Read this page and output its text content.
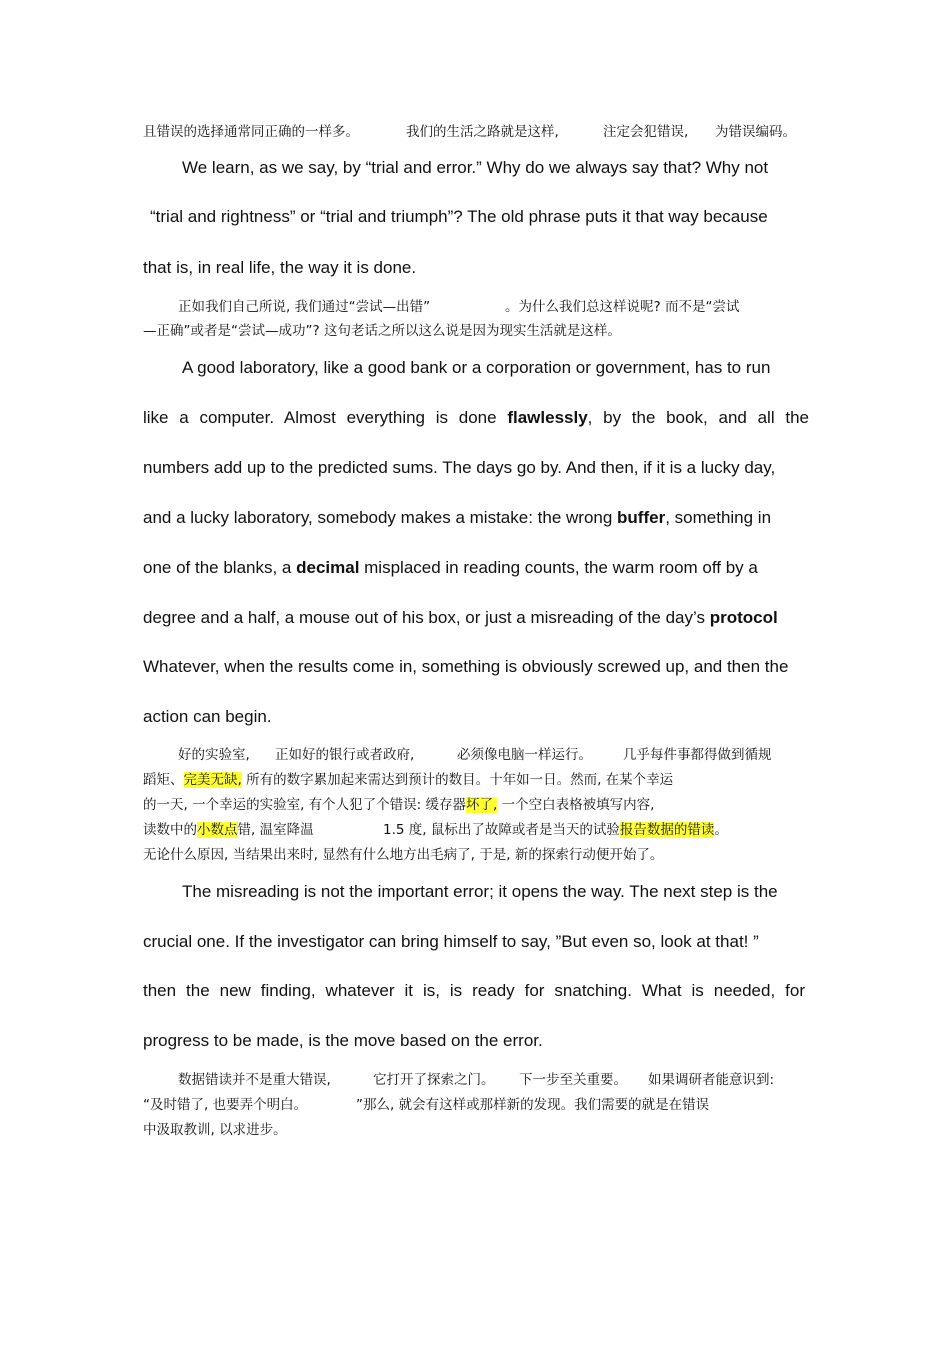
且错误的选择通常同正确的一样多。	我们的生活之路就是这样,	注定会犯错误, 为错误编码。
We learn, as we say, by “trial and error.” Why do we always say that? Why not
“trial and rightness” or “trial and triumph”? The old phrase puts it that way because
that is, in real life, the way it is done.
正如我们自己所说, 我们通过“尝试—出错”	。为什么我们总这样说呢? 而不是“尝试
—正确”或者是“尝试—成功”? 这句老话之所以这么说是因为现实生活就是这样。
A good laboratory, like a good bank or a corporation or government, has to run
like a computer. Almost everything is done flawlessly, by the book, and all the
numbers add up to the predicted sums. The days go by. And then, if it is a lucky day,
and a lucky laboratory, somebody makes a mistake: the wrong buffer, something in
one of the blanks, a decimal misplaced in reading counts, the warm room off by a
degree and a half, a mouse out of his box, or just a misreading of the day’s protocol
Whatever, when the results come in, something is obviously screwed up, and then the
action can begin.
好的实验室, 正如好的银行或者政府,	必须像电脑一样运行。 几乎每件事都得做到循规
蹈矩、完美无缺, 所有的数字累加起来需达到预计的数目。十年如一日。然而, 在某个幸运
的一天, 一个幸运的实验室, 有个人犯了个错误: 缓存器坏了, 一个空白表格被填写内容,
读数中的小数点错, 温室降温	1.5 度, 鼠标出了故障或者是当天的试验报告数据的错读。
无论什么原因, 当结果出来时, 显然有什么地方出毛病了, 于是, 新的探索行动便开始了。
The misreading is not the important error; it opens the way. The next step is the
crucial one. If the investigator can bring himself to say, ”But even so, look at that! ”
then the new finding, whatever it is, is ready for snatching. What is needed, for
progress to be made, is the move based on the error.
数据错读并不是重大错误,	它打开了探索之门。 下一步至关重要。 如果调研者能意识到:
“及时错了, 也要弄个明白。	”那么, 就会有这样或那样新的发现。我们需要的就是在错误
中汲取教训, 以求进步。
